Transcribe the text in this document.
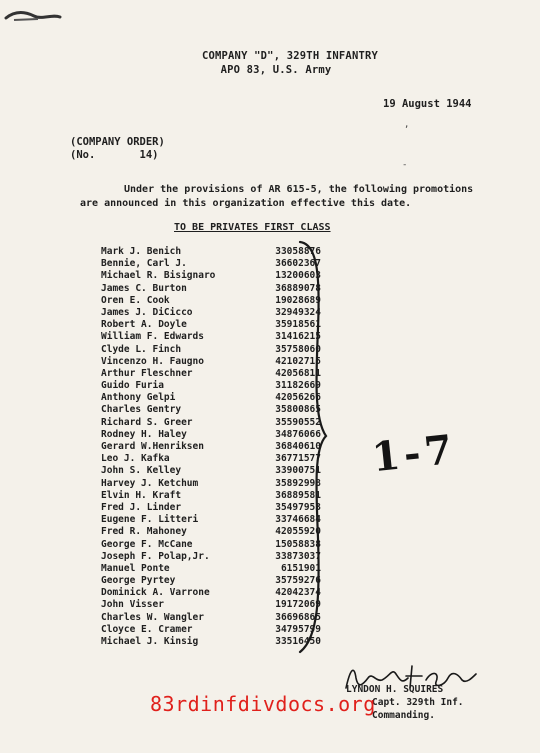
COMPANY "D", 329TH INFANTRY
APO 83, U.S. Army
19 August 1944
(COMPANY ORDER)
(No.       14)
Under the provisions of AR 615-5, the following promotions
are announced in this organization effective this date.
TO BE PRIVATES FIRST CLASS
Mark J. Benich	33058876
Bennie, Carl J.	36602367
Michael R. Bisignaro	13200603
James C. Burton	36889078
Oren E. Cook	19028689
James J. DiCicco	32949324
Robert A. Doyle	35918561
William F. Edwards	31416215
Clyde L. Finch	35758060
Vincenzo H. Faugno	42102715
Arthur Fleschner	42056811
Guido Furia	31182669
Anthony Gelpi	42056266
Charles Gentry	35800865
Richard S. Greer	35590552
Rodney H. Haley	34876066
Gerard W.Henriksen	36840610
Leo J. Kafka	36771577
John S. Kelley	33900751
Harvey J. Ketchum	35892998
Elvin H. Kraft	36889581
Fred J. Linder	35497953
Eugene F. Litteri	33746684
Fred R. Mahoney	42055920
George F. McCane	15058838
Joseph F. Polap,Jr.	33873037
Manuel Ponte	6151901
George Pyrtey	35759276
Dominick A. Varrone	42042374
John Visser	19172069
Charles W. Wangler	36696865
Cloyce E. Cramer	34795799
Michael J. Kinsig	33516450
1-7
LYNDON H. SQUIRES
Capt. 329th Inf.
Commanding.
83rdinfdivdocs.org
,
-
